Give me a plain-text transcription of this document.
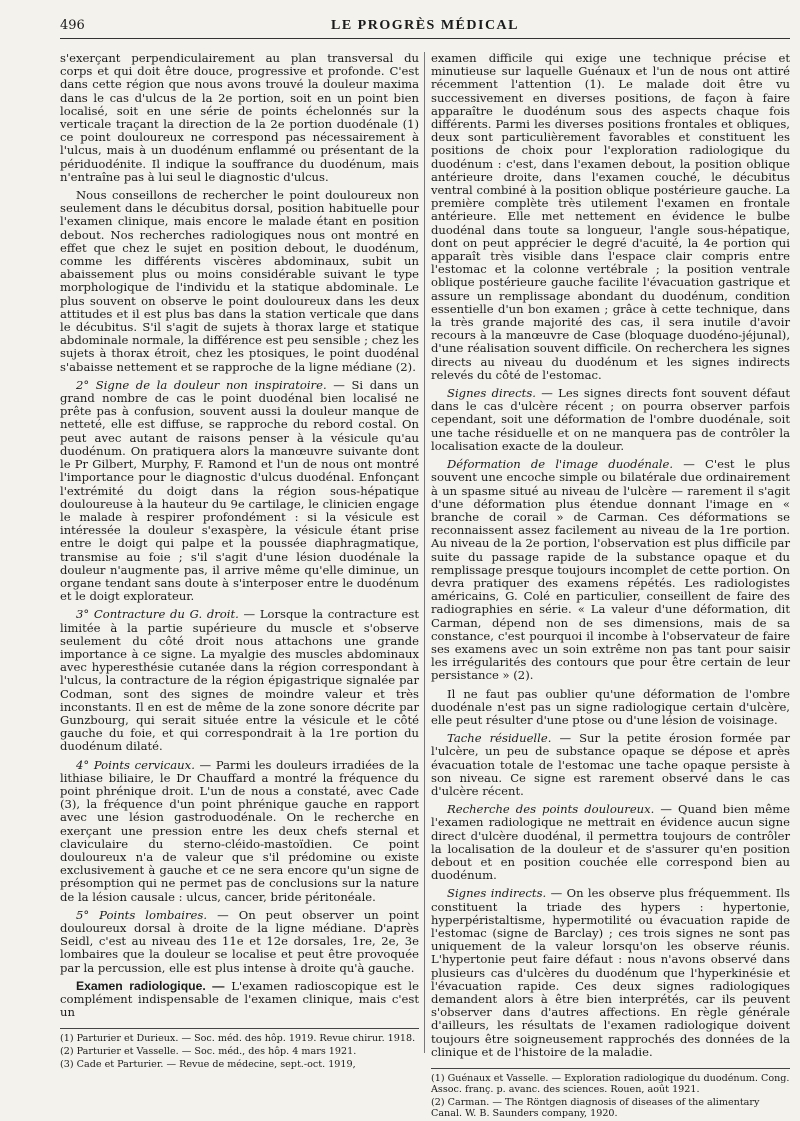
496	LE PROGRÈS MÉDICAL

s'exerçant perpendiculairement au plan transversal du corps et qui doit être douce, progressive et profonde. C'est dans cette région que nous avons trouvé la douleur maxima dans le cas d'ulcus de la 2e portion, soit en un point bien localisé, soit en une série de points échelonnés sur la verticale traçant la direction de la 2e portion duodénale (1) ce point douloureux ne correspond pas nécessairement à l'ulcus, mais à un duodénum enflammé ou présentant de la périduodénite. Il indique la souffrance du duodénum, mais n'entraîne pas à lui seul le diagnostic d'ulcus.

Nous conseillons de rechercher le point douloureux non seulement dans le décubitus dorsal, position habituelle pour l'examen clinique, mais encore le malade étant en position debout. Nos recherches radiologiques nous ont montré en effet que chez le sujet en position debout, le duodénum, comme les différents viscères abdominaux, subit un abaissement plus ou moins considérable suivant le type morphologique de l'individu et la statique abdominale. Le plus souvent on observe le point douloureux dans les deux attitudes et il est plus bas dans la station verticale que dans le décubitus. S'il s'agit de sujets à thorax large et statique abdominale normale, la différence est peu sensible ; chez les sujets à thorax étroit, chez les ptosiques, le point duodénal s'abaisse nettement et se rapproche de la ligne médiane (2).

2° Signe de la douleur non inspiratoire. — Si dans un grand nombre de cas le point duodénal bien localisé ne prête pas à confusion, souvent aussi la douleur manque de netteté, elle est diffuse, se rapproche du rebord costal. On peut avec autant de raisons penser à la vésicule qu'au duodénum. On pratiquera alors la manœuvre suivante dont le Pr Gilbert, Murphy, F. Ramond et l'un de nous ont montré l'importance pour le diagnostic d'ulcus duodénal. Enfonçant l'extrémité du doigt dans la région sous-hépatique douloureuse à la hauteur du 9e cartilage, le clinicien engage le malade à respirer profondément : si la vésicule est intéressée la douleur s'exaspère, la vésicule étant prise entre le doigt qui palpe et la poussée diaphragmatique, transmise au foie ; s'il s'agit d'une lésion duodénale la douleur n'augmente pas, il arrive même qu'elle diminue, un organe tendant sans doute à s'interposer entre le duodénum et le doigt explorateur.

3° Contracture du G. droit. — Lorsque la contracture est limitée à la partie supérieure du muscle et s'observe seulement du côté droit nous attachons une grande importance à ce signe. La myalgie des muscles abdominaux avec hyperesthésie cutanée dans la région correspondant à l'ulcus, la contracture de la région épigastrique signalée par Codman, sont des signes de moindre valeur et très inconstants. Il en est de même de la zone sonore décrite par Gunzbourg, qui serait située entre la vésicule et le côté gauche du foie, et qui correspondrait à la 1re portion du duodénum dilaté.

4° Points cervicaux. — Parmi les douleurs irradiées de la lithiase biliaire, le Dr Chauffard a montré la fréquence du point phrénique droit. L'un de nous a constaté, avec Cade (3), la fréquence d'un point phrénique gauche en rapport avec une lésion gastroduodénale. On le recherche en exerçant une pression entre les deux chefs sternal et claviculaire du sterno-cléido-mastoïdien. Ce point douloureux n'a de valeur que s'il prédomine ou existe exclusivement à gauche et ce ne sera encore qu'un signe de présomption qui ne permet pas de conclusions sur la nature de la lésion causale : ulcus, cancer, bride péritonéale.

5° Points lombaires. — On peut observer un point douloureux dorsal à droite de la ligne médiane. D'après Seidl, c'est au niveau des 11e et 12e dorsales, 1re, 2e, 3e lombaires que la douleur se localise et peut être provoquée par la percussion, elle est plus intense à droite qu'à gauche.

Examen radiologique. — L'examen radioscopique est le complément indispensable de l'examen clinique, mais c'est un

(1) Parturier et Durieux. — Soc. méd. des hôp. 1919. Revue chirur. 1918.

(2) Parturier et Vasselle. — Soc. méd., des hôp. 4 mars 1921.

(3) Cade et Parturier. — Revue de médecine, sept.-oct. 1919,

examen difficile qui exige une technique précise et minutieuse sur laquelle Guénaux et l'un de nous ont attiré récemment l'attention (1). Le malade doit être vu successivement en diverses positions, de façon à faire apparaître le duodénum sous des aspects chaque fois différents. Parmi les diverses positions frontales et obliques, deux sont particulièrement favorables et constituent les positions de choix pour l'exploration radiologique du duodénum : c'est, dans l'examen debout, la position oblique antérieure droite, dans l'examen couché, le décubitus ventral combiné à la position oblique postérieure gauche. La première complète très utilement l'examen en frontale antérieure. Elle met nettement en évidence le bulbe duodénal dans toute sa longueur, l'angle sous-hépatique, dont on peut apprécier le degré d'acuité, la 4e portion qui apparaît très visible dans l'espace clair compris entre l'estomac et la colonne vertébrale ; la position ventrale oblique postérieure gauche facilite l'évacuation gastrique et assure un remplissage abondant du duodénum, condition essentielle d'un bon examen ; grâce à cette technique, dans la très grande majorité des cas, il sera inutile d'avoir recours à la manœuvre de Case (bloquage duodéno-jéjunal), d'une réalisation souvent difficile. On recherchera les signes directs au niveau du duodénum et les signes indirects relevés du côté de l'estomac.

Signes directs. — Les signes directs font souvent défaut dans le cas d'ulcère récent ; on pourra observer parfois cependant, soit une déformation de l'ombre duodénale, soit une tache résiduelle et on ne manquera pas de contrôler la localisation exacte de la douleur.

Déformation de l'image duodénale. — C'est le plus souvent une encoche simple ou bilatérale due ordinairement à un spasme situé au niveau de l'ulcère — rarement il s'agit d'une déformation plus étendue donnant l'image en « branche de corail » de Carman. Ces déformations se reconnaissent assez facilement au niveau de la 1re portion. Au niveau de la 2e portion, l'observation est plus difficile par suite du passage rapide de la substance opaque et du remplissage presque toujours incomplet de cette portion. On devra pratiquer des examens répétés. Les radiologistes américains, G. Colé en particulier, conseillent de faire des radiographies en série. « La valeur d'une déformation, dit Carman, dépend non de ses dimensions, mais de sa constance, c'est pourquoi il incombe à l'observateur de faire ses examens avec un soin extrême non pas tant pour saisir les irrégularités des contours que pour être certain de leur persistance » (2).

Il ne faut pas oublier qu'une déformation de l'ombre duodénale n'est pas un signe radiologique certain d'ulcère, elle peut résulter d'une ptose ou d'une lésion de voisinage.

Tache résiduelle. — Sur la petite érosion formée par l'ulcère, un peu de substance opaque se dépose et après évacuation totale de l'estomac une tache opaque persiste à son niveau. Ce signe est rarement observé dans le cas d'ulcère récent.

Recherche des points douloureux. — Quand bien même l'examen radiologique ne mettrait en évidence aucun signe direct d'ulcère duodénal, il permettra toujours de contrôler la localisation de la douleur et de s'assurer qu'en position debout et en position couchée elle correspond bien au duodénum.

Signes indirects. — On les observe plus fréquemment. Ils constituent la triade des hypers : hypertonie, hyperpéristaltisme, hypermotilité ou évacuation rapide de l'estomac (signe de Barclay) ; ces trois signes ne sont pas uniquement de la valeur lorsqu'on les observe réunis. L'hypertonie peut faire défaut : nous n'avons observé dans plusieurs cas d'ulcères du duodénum que l'hyperkinésie et l'évacuation rapide. Ces deux signes radiologiques demandent alors à être bien interprétés, car ils peuvent s'observer dans d'autres affections. En règle générale d'ailleurs, les résultats de l'examen radiologique doivent toujours être soigneusement rapprochés des données de la clinique et de l'histoire de la maladie.

(1) Guénaux et Vasselle. — Exploration radiologique du duodénum. Cong. Assoc. franç. p. avanc. des sciences. Rouen, août 1921.

(2) Carman. — The Röntgen diagnosis of diseases of the alimentary Canal. W. B. Saunders company, 1920.
